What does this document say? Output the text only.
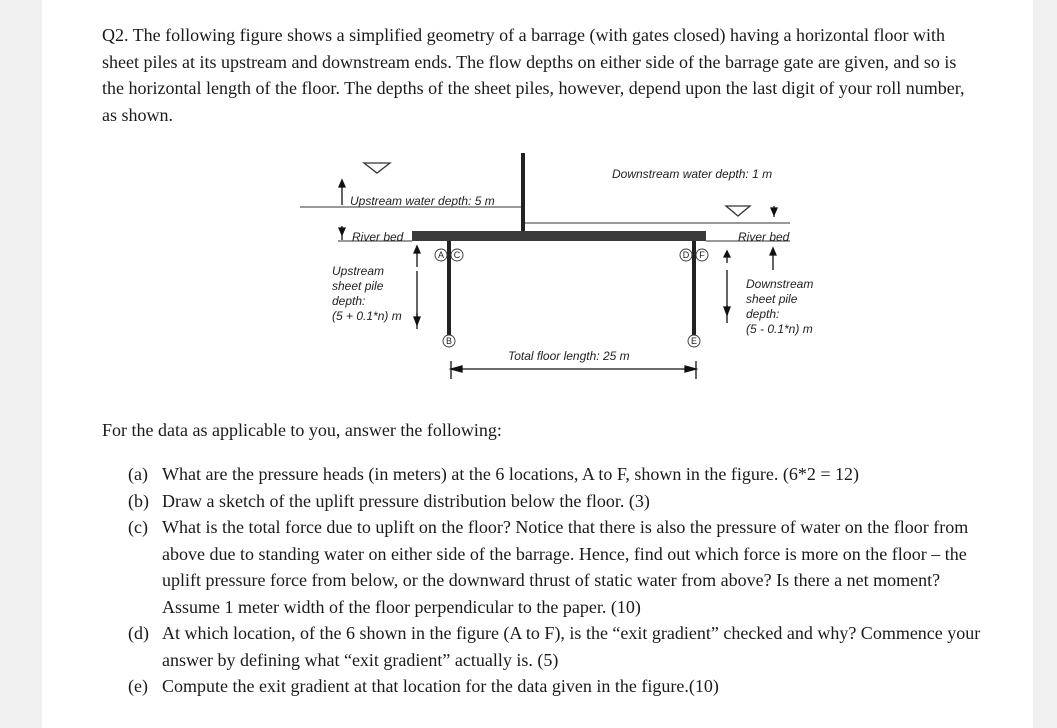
Q2. The following figure shows a simplified geometry of a barrage (with gates closed) having a horizontal floor with sheet piles at its upstream and downstream ends. The flow depths on either side of the barrage gate are given, and so is the horizontal length of the floor. The depths of the sheet piles, however, depend upon the last digit of your roll number, as shown.

Downstream water depth: 1 m
Upstream water depth: 5 m
River bed	River bed
Upstream
sheet pile
depth:
(5 + 0.1*n) m
Downstream
sheet pile
depth:
(5 - 0.1*n) m
Total floor length: 25 m
A C
B
D F
E

For the data as applicable to you, answer the following:

(a) What are the pressure heads (in meters) at the 6 locations, A to F, shown in the figure. (6*2 = 12)
(b) Draw a sketch of the uplift pressure distribution below the floor. (3)
(c) What is the total force due to uplift on the floor? Notice that there is also the pressure of water on the floor from above due to standing water on either side of the barrage. Hence, find out which force is more on the floor – the uplift pressure force from below, or the downward thrust of static water from above? Is there a net moment? Assume 1 meter width of the floor perpendicular to the paper. (10)
(d) At which location, of the 6 shown in the figure (A to F), is the “exit gradient” checked and why? Commence your answer by defining what “exit gradient” actually is. (5)
(e) Compute the exit gradient at that location for the data given in the figure.(10)
